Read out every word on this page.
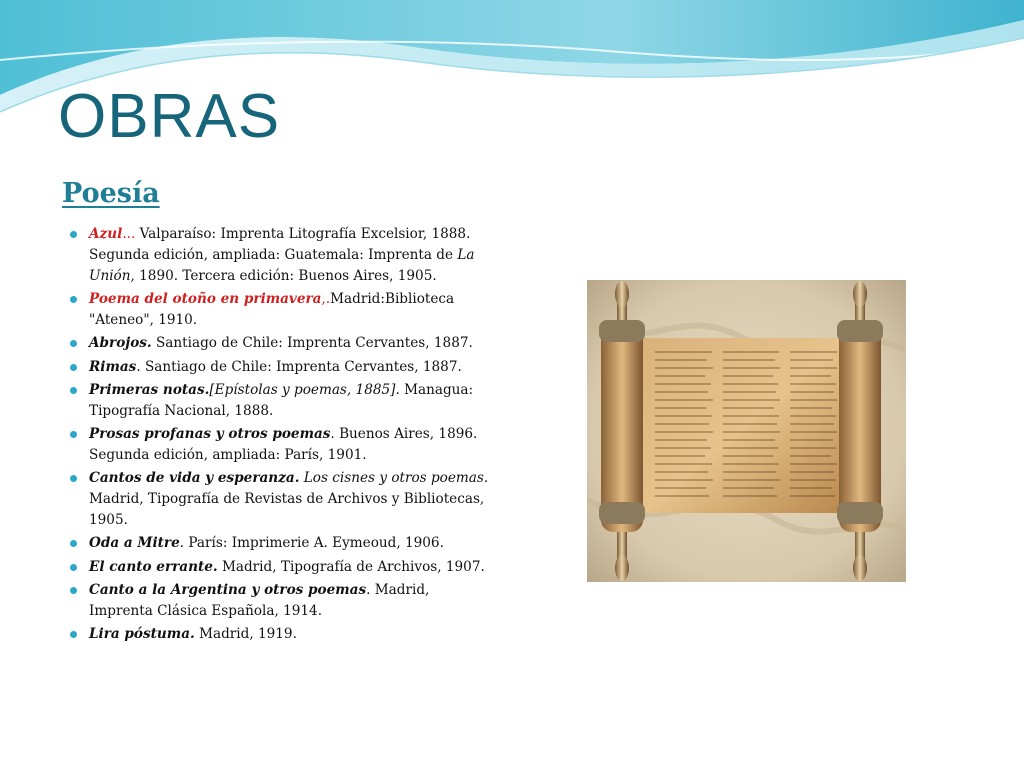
OBRAS
Poesía
Azul... Valparaíso: Imprenta Litografía Excelsior, 1888. Segunda edición, ampliada: Guatemala: Imprenta de La Unión, 1890. Tercera edición: Buenos Aires, 1905.
Poema del otoño en primavera,.Madrid:Biblioteca "Ateneo", 1910.
Abrojos. Santiago de Chile: Imprenta Cervantes, 1887.
Rimas. Santiago de Chile: Imprenta Cervantes, 1887.
Primeras notas.[Epístolas y poemas, 1885]. Managua: Tipografía Nacional, 1888.
Prosas profanas y otros poemas. Buenos Aires, 1896. Segunda edición, ampliada: París, 1901.
Cantos de vida y esperanza. Los cisnes y otros poemas. Madrid, Tipografía de Revistas de Archivos y Bibliotecas, 1905.
Oda a Mitre. París: Imprimerie A. Eymeoud, 1906.
El canto errante. Madrid, Tipografía de Archivos, 1907.
Canto a la Argentina y otros poemas. Madrid, Imprenta Clásica Española, 1914.
Lira póstuma. Madrid, 1919.
